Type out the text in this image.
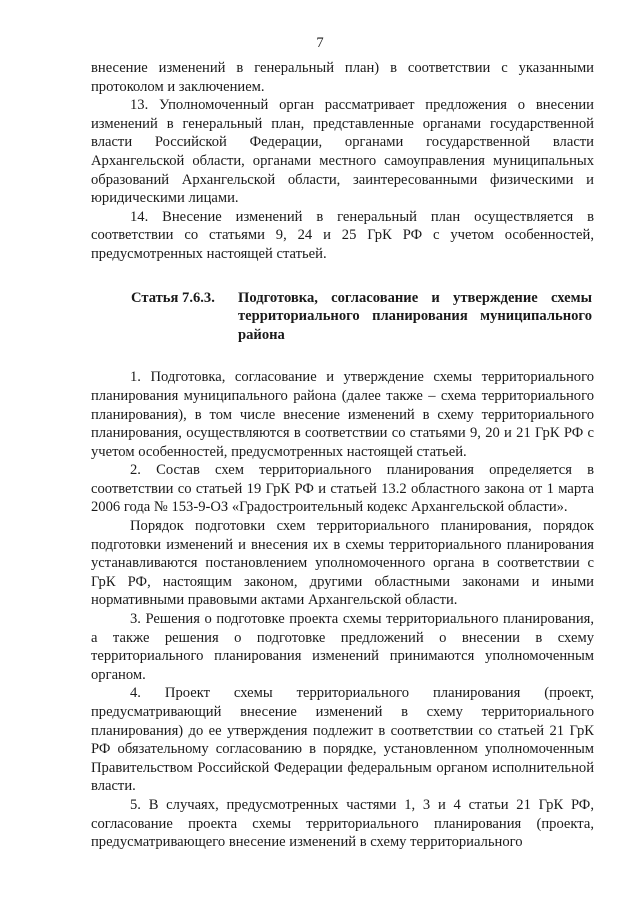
7

внесение изменений в генеральный план) в соответствии с указанными протоколом и заключением.

13. Уполномоченный орган рассматривает предложения о внесении изменений в генеральный план, представленные органами государственной власти Российской Федерации, органами государственной власти Архангельской области, органами местного самоуправления муниципальных образований Архангельской области, заинтересованными физическими и юридическими лицами.

14. Внесение изменений в генеральный план осуществляется в соответствии со статьями 9, 24 и 25 ГрК РФ с учетом особенностей, предусмотренных настоящей статьей.

Статья 7.6.3.	Подготовка, согласование и утверждение схемы территориального планирования муниципального района

1. Подготовка, согласование и утверждение схемы территориального планирования муниципального района (далее также – схема территориального планирования), в том числе внесение изменений в схему территориального планирования, осуществляются в соответствии со статьями 9, 20 и 21 ГрК РФ с учетом особенностей, предусмотренных настоящей статьей.

2. Состав схем территориального планирования определяется в соответствии со статьей 19 ГрК РФ и статьей 13.2 областного закона от 1 марта 2006 года № 153-9-ОЗ «Градостроительный кодекс Архангельской области».

Порядок подготовки схем территориального планирования, порядок подготовки изменений и внесения их в схемы территориального планирования устанавливаются постановлением уполномоченного органа в соответствии с ГрК РФ, настоящим законом, другими областными законами и иными нормативными правовыми актами Архангельской области.

3. Решения о подготовке проекта схемы территориального планирования, а также решения о подготовке предложений о внесении в схему территориального планирования изменений принимаются уполномоченным органом.

4. Проект схемы территориального планирования (проект, предусматривающий внесение изменений в схему территориального планирования) до ее утверждения подлежит в соответствии со статьей 21 ГрК РФ обязательному согласованию в порядке, установленном уполномоченным Правительством Российской Федерации федеральным органом исполнительной власти.

5. В случаях, предусмотренных частями 1, 3 и 4 статьи 21 ГрК РФ, согласование проекта схемы территориального планирования (проекта, предусматривающего внесение изменений в схему территориального
